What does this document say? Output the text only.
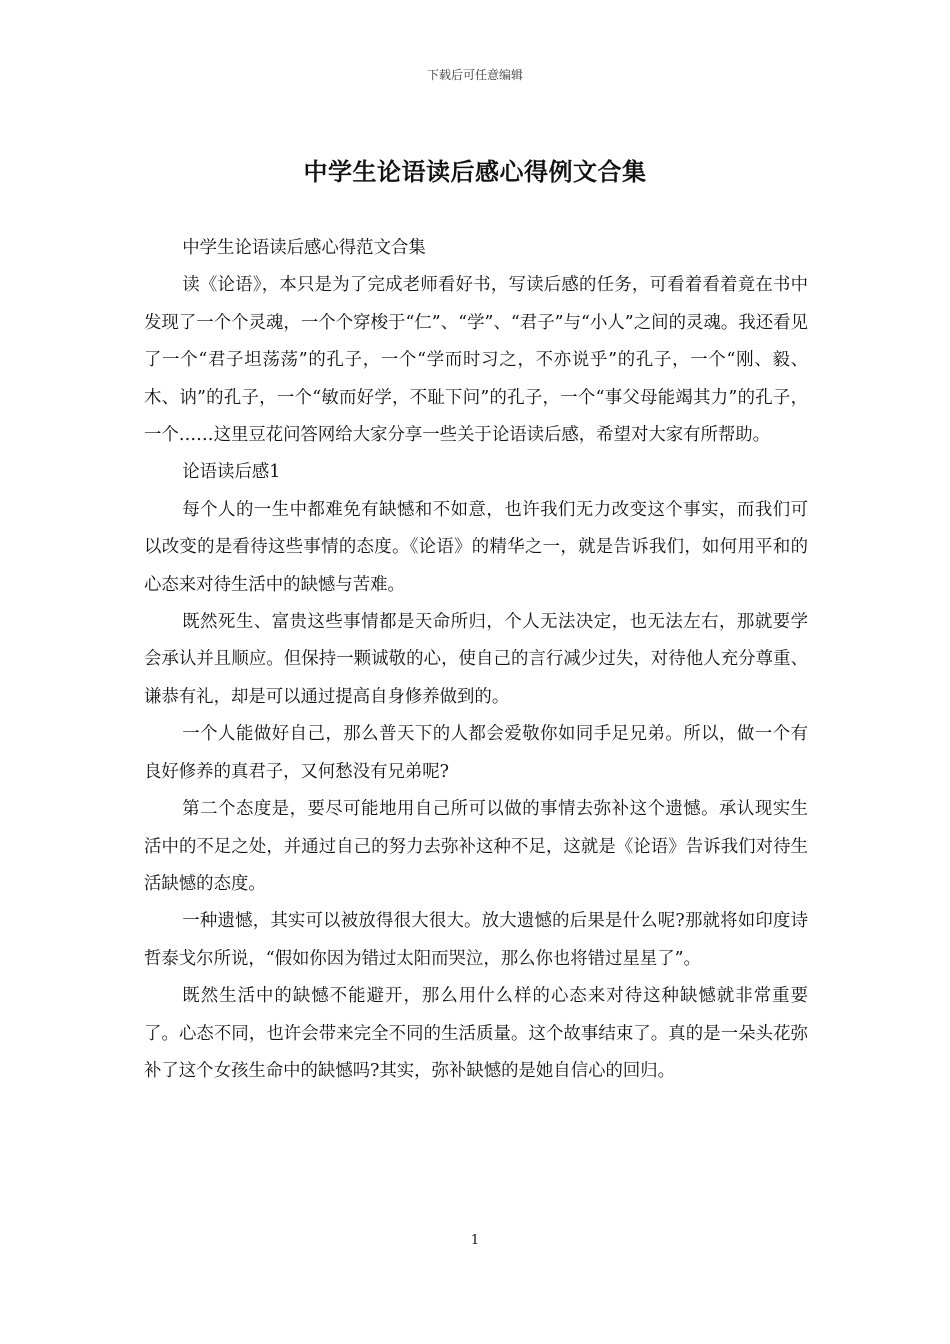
下载后可任意编辑
中学生论语读后感心得例文合集

中学生论语读后感心得范文合集

读《论语》，本只是为了完成老师看好书，写读后感的任务，可看着看着竟在书中发现了一个个灵魂，一个个穿梭于“仁”、“学”、“君子”与“小人”之间的灵魂。我还看见了一个“君子坦荡荡”的孔子，一个“学而时习之，不亦说乎”的孔子，一个“刚、毅、木、讷”的孔子，一个“敏而好学，不耻下问”的孔子，一个“事父母能竭其力”的孔子，一个……这里豆花问答网给大家分享一些关于论语读后感，希望对大家有所帮助。

论语读后感1

每个人的一生中都难免有缺憾和不如意，也许我们无力改变这个事实，而我们可以改变的是看待这些事情的态度。《论语》的精华之一，就是告诉我们，如何用平和的心态来对待生活中的缺憾与苦难。

既然死生、富贵这些事情都是天命所归，个人无法决定，也无法左右，那就要学会承认并且顺应。但保持一颗诚敬的心，使自己的言行减少过失，对待他人充分尊重、谦恭有礼，却是可以通过提高自身修养做到的。

一个人能做好自己，那么普天下的人都会爱敬你如同手足兄弟。所以，做一个有良好修养的真君子，又何愁没有兄弟呢?

第二个态度是，要尽可能地用自己所可以做的事情去弥补这个遗憾。承认现实生活中的不足之处，并通过自己的努力去弥补这种不足，这就是《论语》告诉我们对待生活缺憾的态度。

一种遗憾，其实可以被放得很大很大。放大遗憾的后果是什么呢?那就将如印度诗哲泰戈尔所说，“假如你因为错过太阳而哭泣，那么你也将错过星星了”。

既然生活中的缺憾不能避开，那么用什么样的心态来对待这种缺憾就非常重要了。心态不同，也许会带来完全不同的生活质量。这个故事结束了。真的是一朵头花弥补了这个女孩生命中的缺憾吗?其实，弥补缺憾的是她自信心的回归。

1
